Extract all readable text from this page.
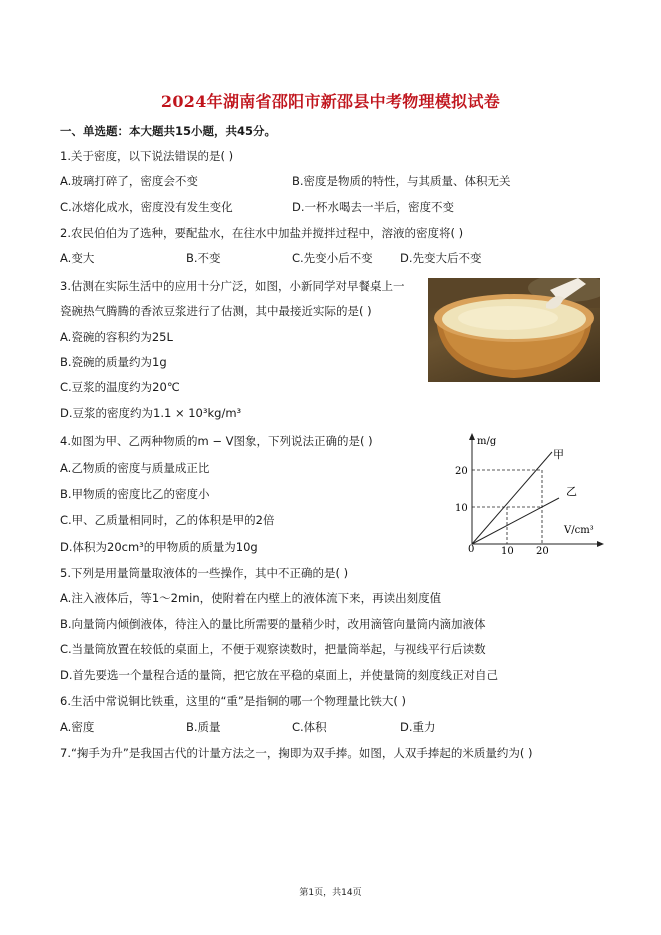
2024年湖南省邵阳市新邵县中考物理模拟试卷
一、单选题：本大题共15小题，共45分。
1.关于密度，以下说法错误的是( )
A.玻璃打碎了，密度会不变	B.密度是物质的特性，与其质量、体积无关
C.冰熔化成水，密度没有发生变化	D.一杯水喝去一半后，密度不变
2.农民伯伯为了选种，要配盐水，在往水中加盐并搅拌过程中，溶液的密度将( )
A.变大	B.不变	C.先变小后不变 D.先变大后不变
3.估测在实际生活中的应用十分广泛，如图，小新同学对早餐桌上一
瓷碗热气腾腾的香浓豆浆进行了估测，其中最接近实际的是( )
A.瓷碗的容积约为25L
B.瓷碗的质量约为1g
C.豆浆的温度约为20℃
D.豆浆的密度约为1.1 × 10³kg/m³
4.如图为甲、乙两种物质的m − V图象，下列说法正确的是( )
A.乙物质的密度与质量成正比
B.甲物质的密度比乙的密度小
C.甲、乙质量相同时，乙的体积是甲的2倍
D.体积为20cm³的甲物质的质量为10g
m/g
V/cm³
0
10
20
10 20
甲
乙
5.下列是用量筒量取液体的一些操作，其中不正确的是( )
A.注入液体后，等1～2min，使附着在内壁上的液体流下来，再读出刻度值
B.向量筒内倾倒液体，待注入的量比所需要的量稍少时，改用滴管向量筒内滴加液体
C.当量筒放置在较低的桌面上，不便于观察读数时，把量筒举起，与视线平行后读数
D.首先要选一个量程合适的量筒，把它放在平稳的桌面上，并使量筒的刻度线正对自己
6.生活中常说铜比铁重，这里的“重”是指铜的哪一个物理量比铁大( )
A.密度	B.质量	C.体积	D.重力
7.“掬手为升”是我国古代的计量方法之一，掬即为双手捧。如图，人双手捧起的米质量约为( )
第1页，共14页
